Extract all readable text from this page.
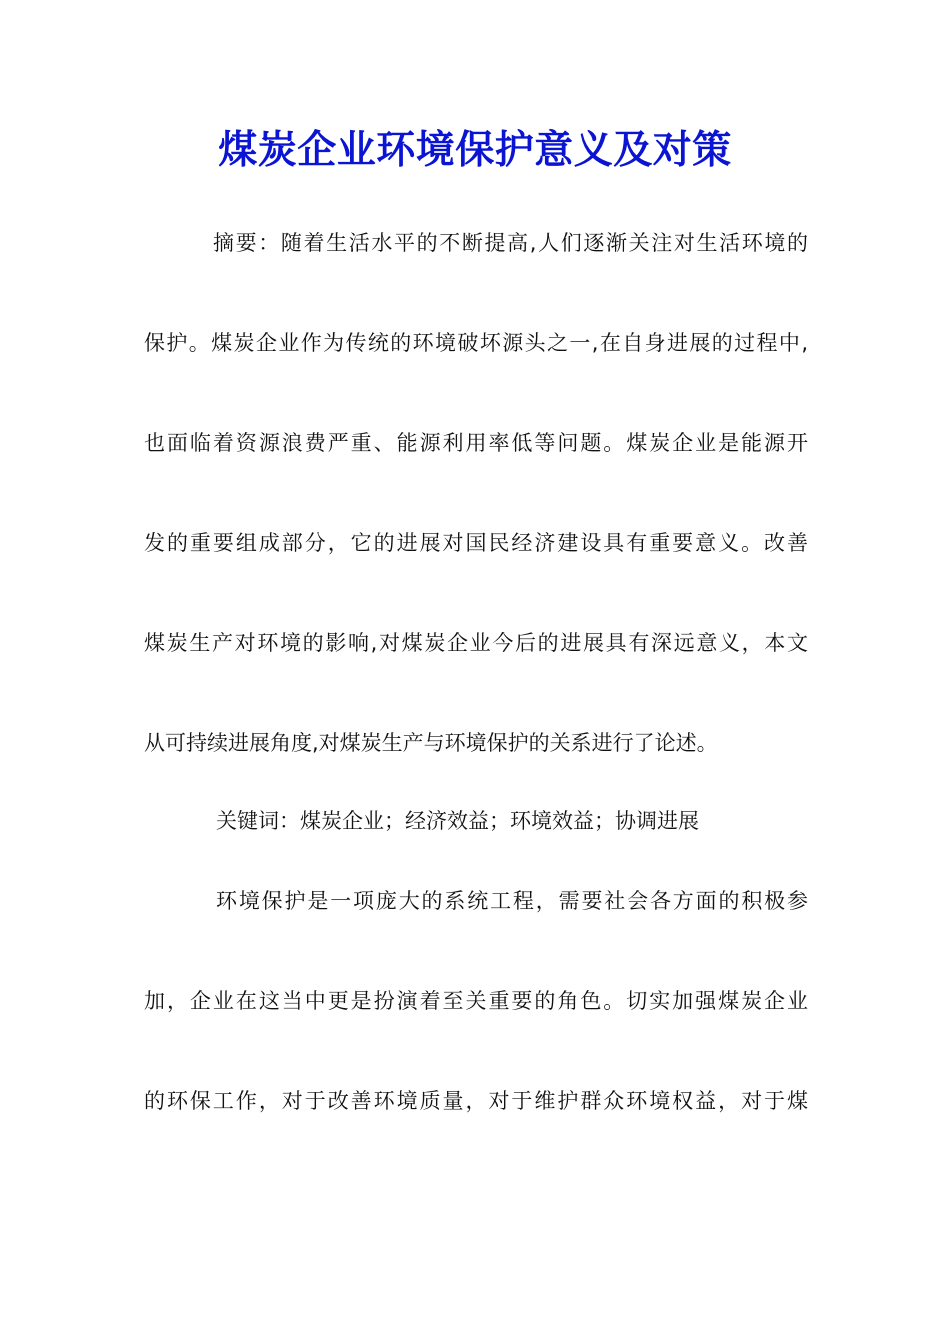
煤炭企业环境保护意义及对策

摘要：随着生活水平的不断提高,人们逐渐关注对生活环境的

保护。煤炭企业作为传统的环境破坏源头之一,在自身进展的过程中,

也面临着资源浪费严重、能源利用率低等问题。煤炭企业是能源开

发的重要组成部分，它的进展对国民经济建设具有重要意义。改善

煤炭生产对环境的影响,对煤炭企业今后的进展具有深远意义，本文

从可持续进展角度,对煤炭生产与环境保护的关系进行了论述。

关键词：煤炭企业；经济效益；环境效益；协调进展

环境保护是一项庞大的系统工程，需要社会各方面的积极参

加，企业在这当中更是扮演着至关重要的角色。切实加强煤炭企业

的环保工作，对于改善环境质量，对于维护群众环境权益，对于煤
